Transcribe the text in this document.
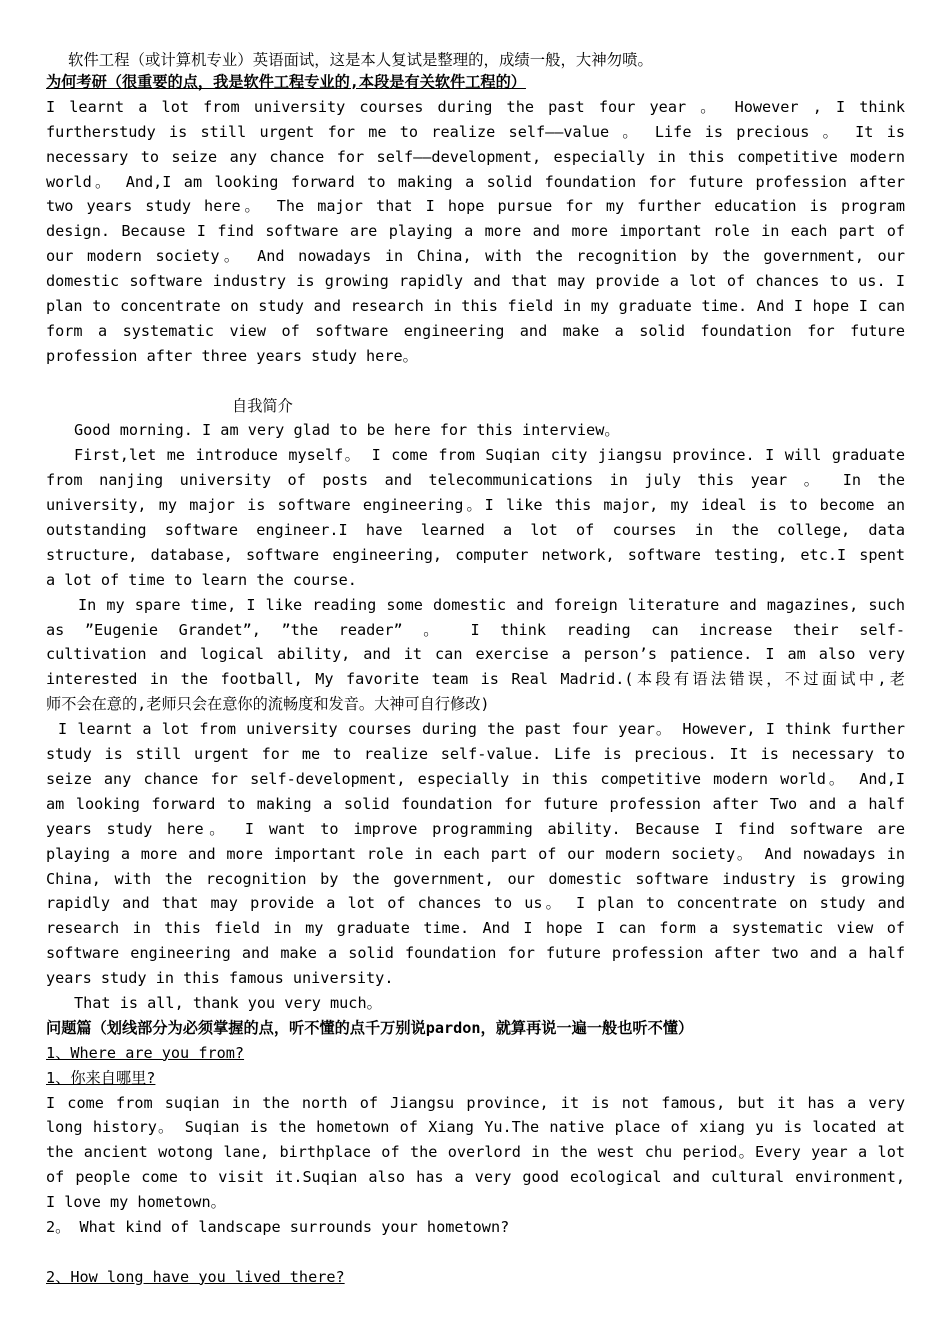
软件工程（或计算机专业）英语面试，这是本人复试是整理的，成绩一般，大神勿喷。
为何考研（很重要的点，我是软件工程专业的,本段是有关软件工程的）
I learnt a lot from university courses during the past four year 。 However , I think
furtherstudy is still urgent for me to realize self——value 。 Life is precious 。 It is
necessary to seize any chance for self——development, especially in this competitive modern
world。 And,I am looking forward to making a solid foundation for future profession after
two years study here。 The major that I hope pursue for my further education is program
design. Because I find software are playing a more and more important role in each part of
our modern society。 And nowadays in China, with the recognition by the government, our
domestic software industry is growing rapidly and that may provide a lot of chances to us. I
plan to concentrate on study and research in this field in my graduate time. And I hope I can
form a systematic view of software engineering and make a solid foundation for future
profession after three years study here。
自我简介
Good morning. I am very glad to be here for this interview。
First,let me introduce myself。 I come from Suqian city jiangsu province. I will graduate
from nanjing university of posts and telecommunications in july this year 。 In the
university, my major is software engineering。I like this major, my ideal is to become an
outstanding software engineer.I have learned a lot of courses in the college, data
structure, database, software engineering, computer network, software testing, etc.I spent
a lot of time to learn the course.
In my spare time, I like reading some domestic and foreign literature and magazines, such
as ”Eugenie Grandet”, ”the reader” 。 I think reading can increase their self-
cultivation and logical ability, and it can exercise a person’s patience. I am also very
interested in the football, My favorite team is Real Madrid.(本段有语法错误，不过面试中,老
师不会在意的,老师只会在意你的流畅度和发音。大神可自行修改)
I learnt a lot from university courses during the past four year。 However, I think further
study is still urgent for me to realize self-value. Life is precious. It is necessary to
seize any chance for self-development, especially in this competitive modern world。 And,I
am looking forward to making a solid foundation for future profession after Two and a half
years study here。 I want to improve programming ability. Because I find software are
playing a more and more important role in each part of our modern society。 And nowadays in
China, with the recognition by the government, our domestic software industry is growing
rapidly and that may provide a lot of chances to us。 I plan to concentrate on study and
research in this field in my graduate time. And I hope I can form a systematic view of
software engineering and make a solid foundation for future profession after two and a half
years study in this famous university.
That is all, thank you very much。
问题篇（划线部分为必须掌握的点，听不懂的点千万别说pardon，就算再说一遍一般也听不懂）
1、Where are you from?
1、你来自哪里?
I come from suqian in the north of Jiangsu province, it is not famous, but it has a very
long history。 Suqian is the hometown of Xiang Yu.The native place of xiang yu is located at
the ancient wotong lane, birthplace of the overlord in the west chu period。Every year a lot
of people come to visit it.Suqian also has a very good ecological and cultural environment,
I love my hometown。
2。 What kind of landscape surrounds your hometown?
2、How long have you lived there?
